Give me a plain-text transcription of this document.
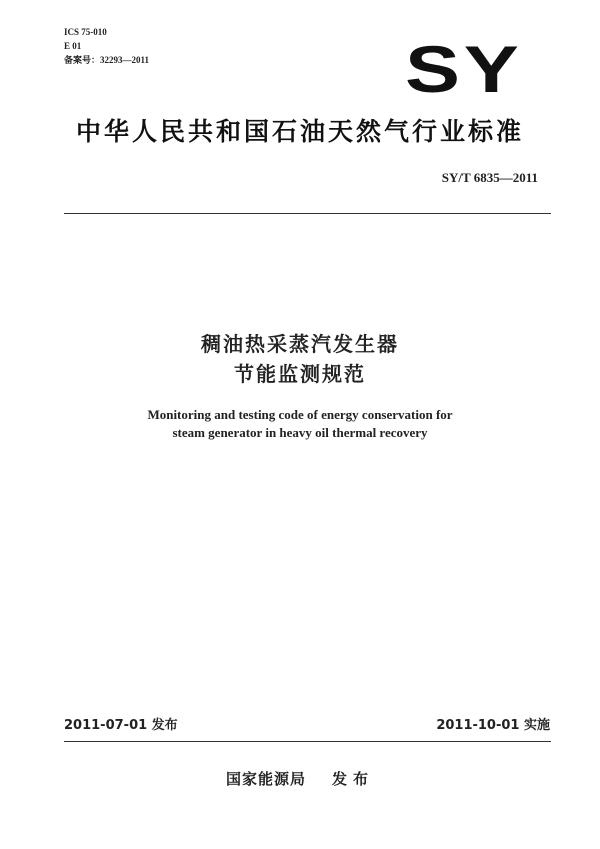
ICS 75-010
E 01
备案号：32293—2011	SY
中华人民共和国石油天然气行业标准
SY/T 6835—2011
稠油热采蒸汽发生器
节能监测规范
Monitoring and testing code of energy conservation for
steam generator in heavy oil thermal recovery
2011-07-01 发布	2011-10-01 实施
国家能源局 发布
